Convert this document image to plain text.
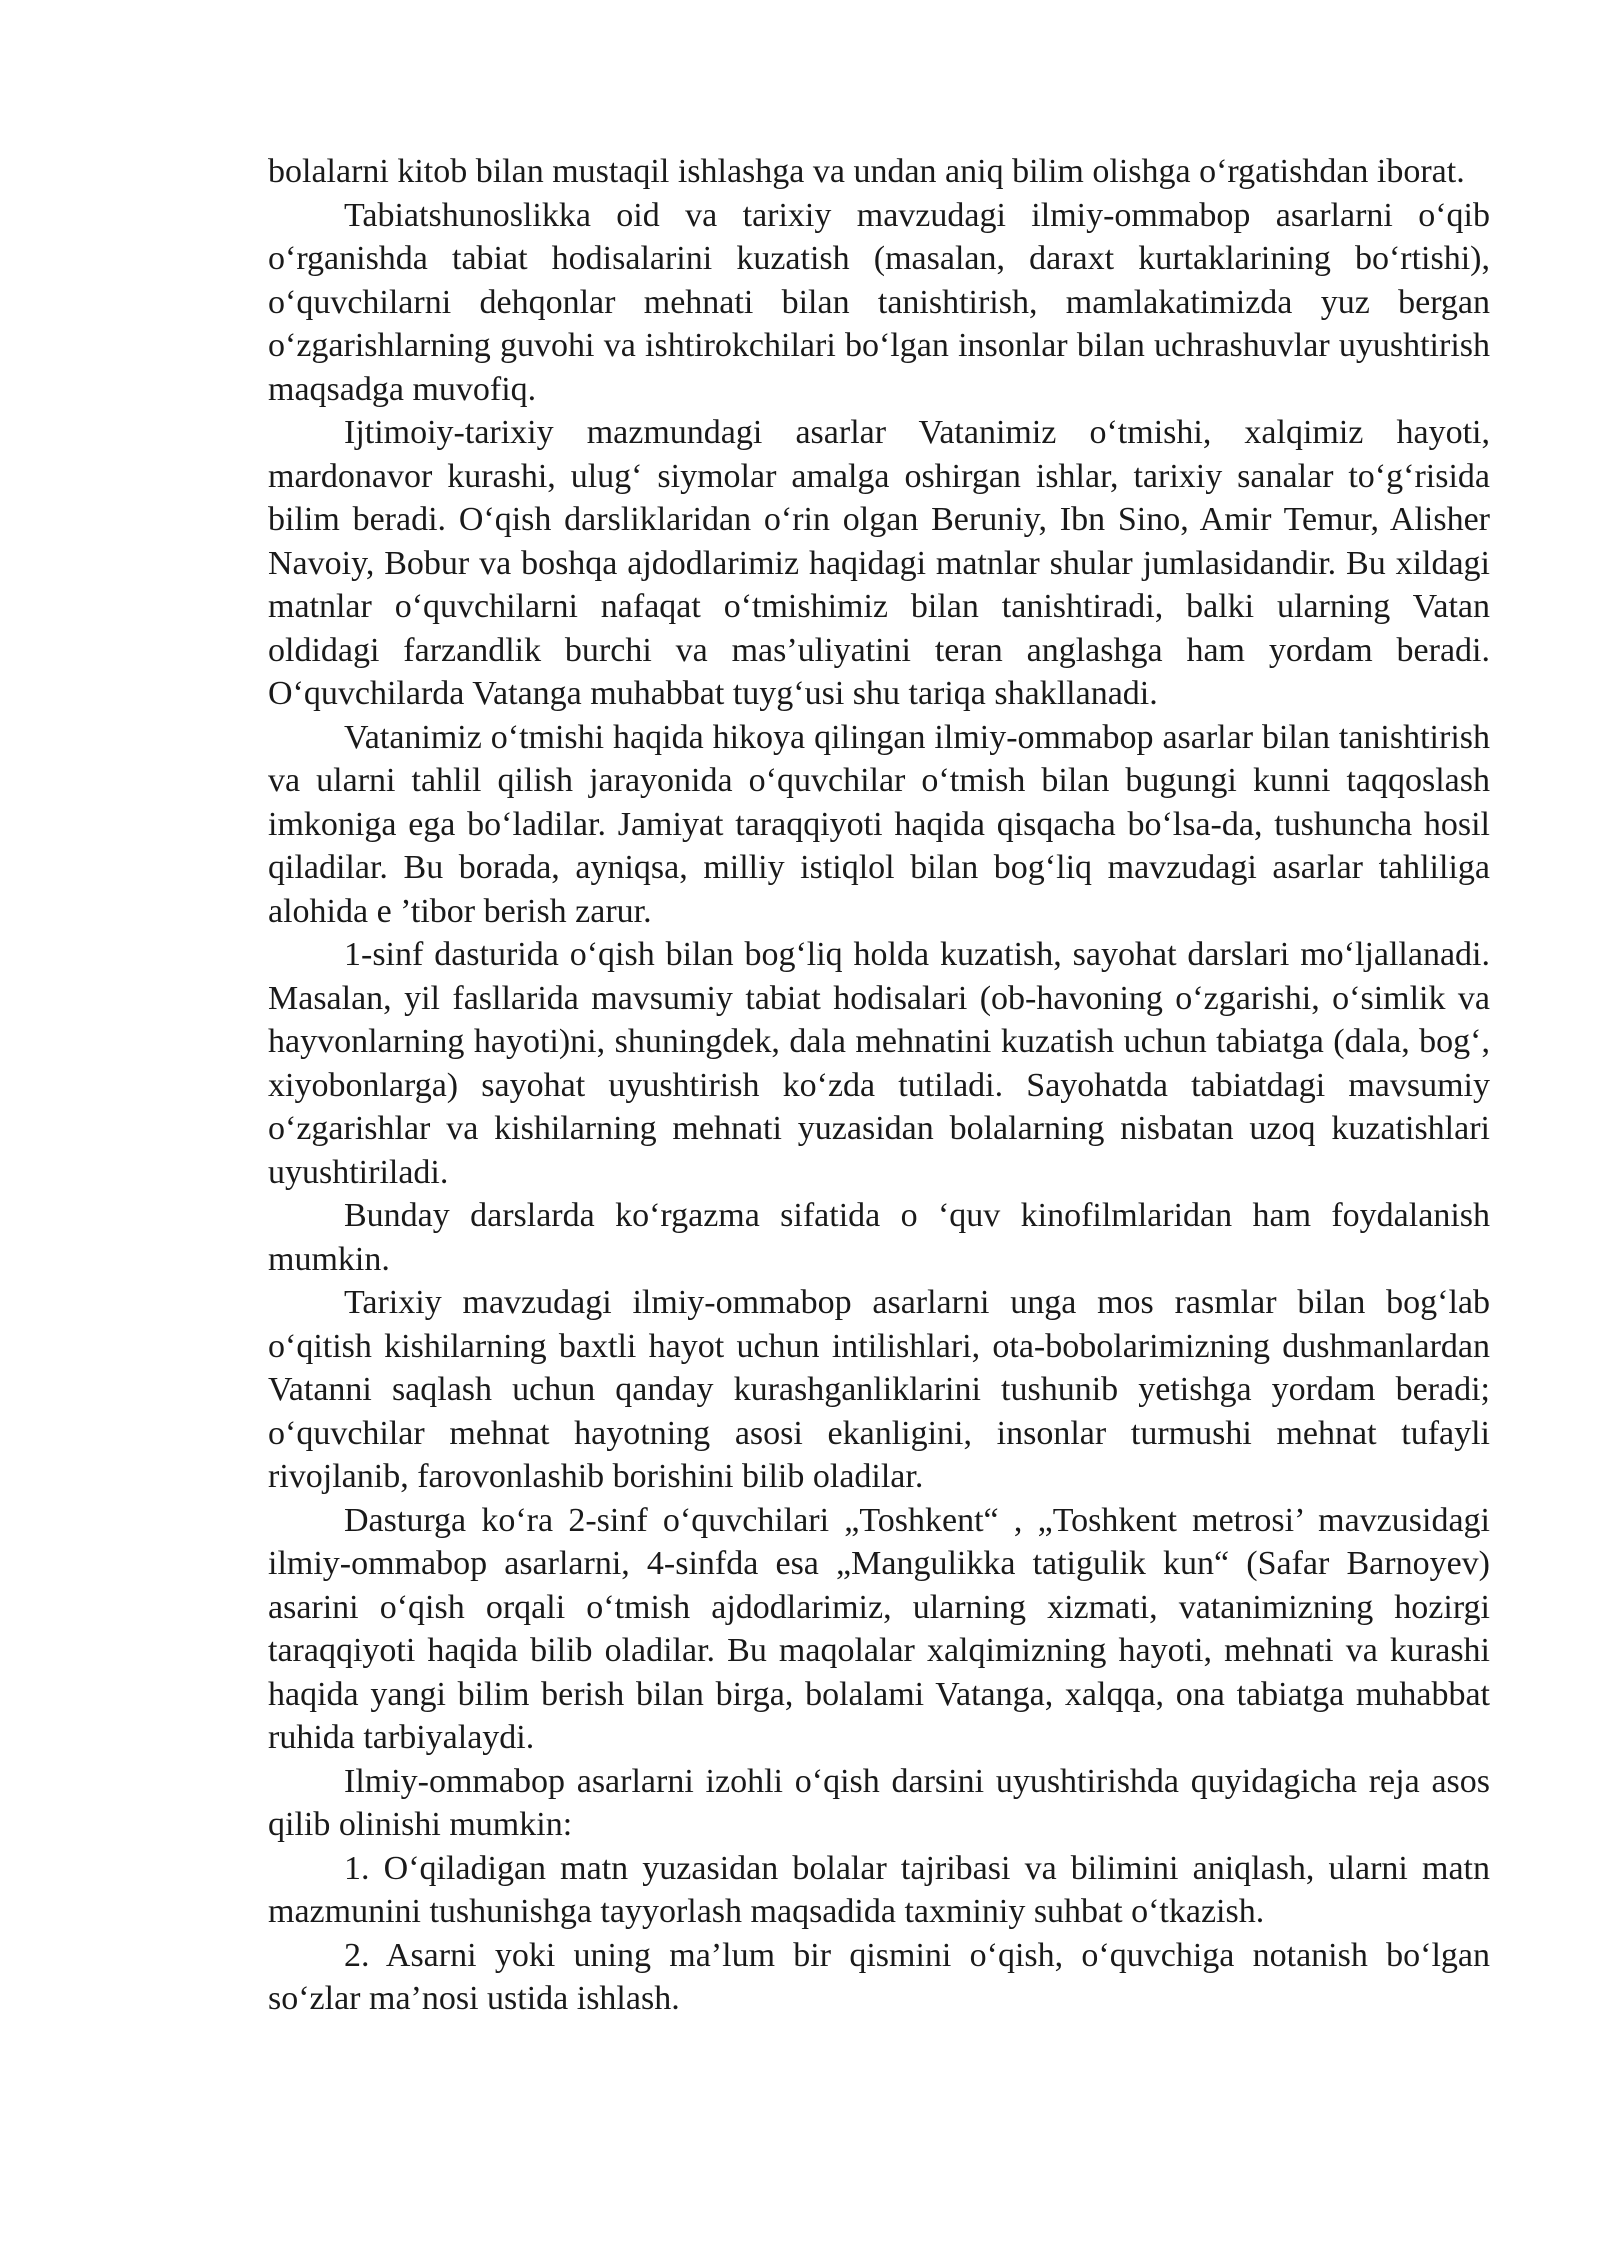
bolalarni kitob bilan mustaqil ishlashga va undan aniq bilim olishga o‘rgatishdan iborat.

Tabiatshunoslikka oid va tarixiy mavzudagi ilmiy-ommabop asarlarni o‘qib o‘rganishda tabiat hodisalarini kuzatish (masalan, daraxt kurtaklarining bo‘rtishi), o‘quvchilarni dehqonlar mehnati bilan tanishtirish, mamlakatimizda yuz bergan o‘zgarishlarning guvohi va ishtirokchilari bo‘lgan insonlar bilan uchrashuvlar uyushtirish maqsadga muvofiq.

Ijtimoiy-tarixiy mazmundagi asarlar Vatanimiz o‘tmishi, xalqimiz hayoti, mardonavor kurashi, ulug‘ siymolar amalga oshirgan ishlar, tarixiy sanalar to‘g‘risida bilim beradi. O‘qish darsliklaridan o‘rin olgan Beruniy, Ibn Sino, Amir Temur, Alisher Navoiy, Bobur va boshqa ajdodlarimiz haqidagi matnlar shular jumlasidandir. Bu xildagi matnlar o‘quvchilarni nafaqat o‘tmishimiz bilan tanishtiradi, balki ularning Vatan oldidagi farzandlik burchi va mas’uliyatini teran anglashga ham yordam beradi. O‘quvchilarda Vatanga muhabbat tuyg‘usi shu tariqa shakllanadi.

Vatanimiz o‘tmishi haqida hikoya qilingan ilmiy-ommabop asarlar bilan tanishtirish va ularni tahlil qilish jarayonida o‘quvchilar o‘tmish bilan bugungi kunni taqqoslash imkoniga ega bo‘ladilar. Jamiyat taraqqiyoti haqida qisqacha bo‘lsa-da, tushuncha hosil qiladilar. Bu borada, ayniqsa, milliy istiqlol bilan bog‘liq mavzudagi asarlar tahliliga alohida e ’tibor berish zarur.

1-sinf dasturida o‘qish bilan bog‘liq holda kuzatish, sayohat darslari mo‘ljallanadi. Masalan, yil fasllarida mavsumiy tabiat hodisalari (ob-havoning o‘zgarishi, o‘simlik va hayvonlarning hayoti)ni, shuningdek, dala mehnatini kuzatish uchun tabiatga (dala, bog‘, xiyobonlarga) sayohat uyushtirish ko‘zda tutiladi. Sayohatda tabiatdagi mavsumiy o‘zgarishlar va kishilarning mehnati yuzasidan bolalarning nisbatan uzoq kuzatishlari uyushtiriladi.

Bunday darslarda ko‘rgazma sifatida o ‘quv kinofilmlaridan ham foydalanish mumkin.

Tarixiy mavzudagi ilmiy-ommabop asarlarni unga mos rasmlar bilan bog‘lab o‘qitish kishilarning baxtli hayot uchun intilishlari, ota-bobolarimizning dushmanlardan Vatanni saqlash uchun qanday kurashganliklarini tushunib yetishga yordam beradi; o‘quvchilar mehnat hayotning asosi ekanligini, insonlar turmushi mehnat tufayli rivojlanib, farovonlashib borishini bilib oladilar.

Dasturga ko‘ra 2-sinf o‘quvchilari „Toshkent“ , „Toshkent metrosi’ mavzusidagi ilmiy-ommabop asarlarni, 4-sinfda esa „Mangulikka tatigulik kun“ (Safar Barnoyev) asarini o‘qish orqali o‘tmish ajdodlarimiz, ularning xizmati, vatanimizning hozirgi taraqqiyoti haqida bilib oladilar. Bu maqolalar xalqimizning hayoti, mehnati va kurashi haqida yangi bilim berish bilan birga, bolalami Vatanga, xalqqa, ona tabiatga muhabbat ruhida tarbiyalaydi.

Ilmiy-ommabop asarlarni izohli o‘qish darsini uyushtirishda quyidagicha reja asos qilib olinishi mumkin:

1. O‘qiladigan matn yuzasidan bolalar tajribasi va bilimini aniqlash, ularni matn mazmunini tushunishga tayyorlash maqsadida taxminiy suhbat o‘tkazish.

2. Asarni yoki uning ma’lum bir qismini o‘qish, o‘quvchiga notanish bo‘lgan so‘zlar ma’nosi ustida ishlash.
